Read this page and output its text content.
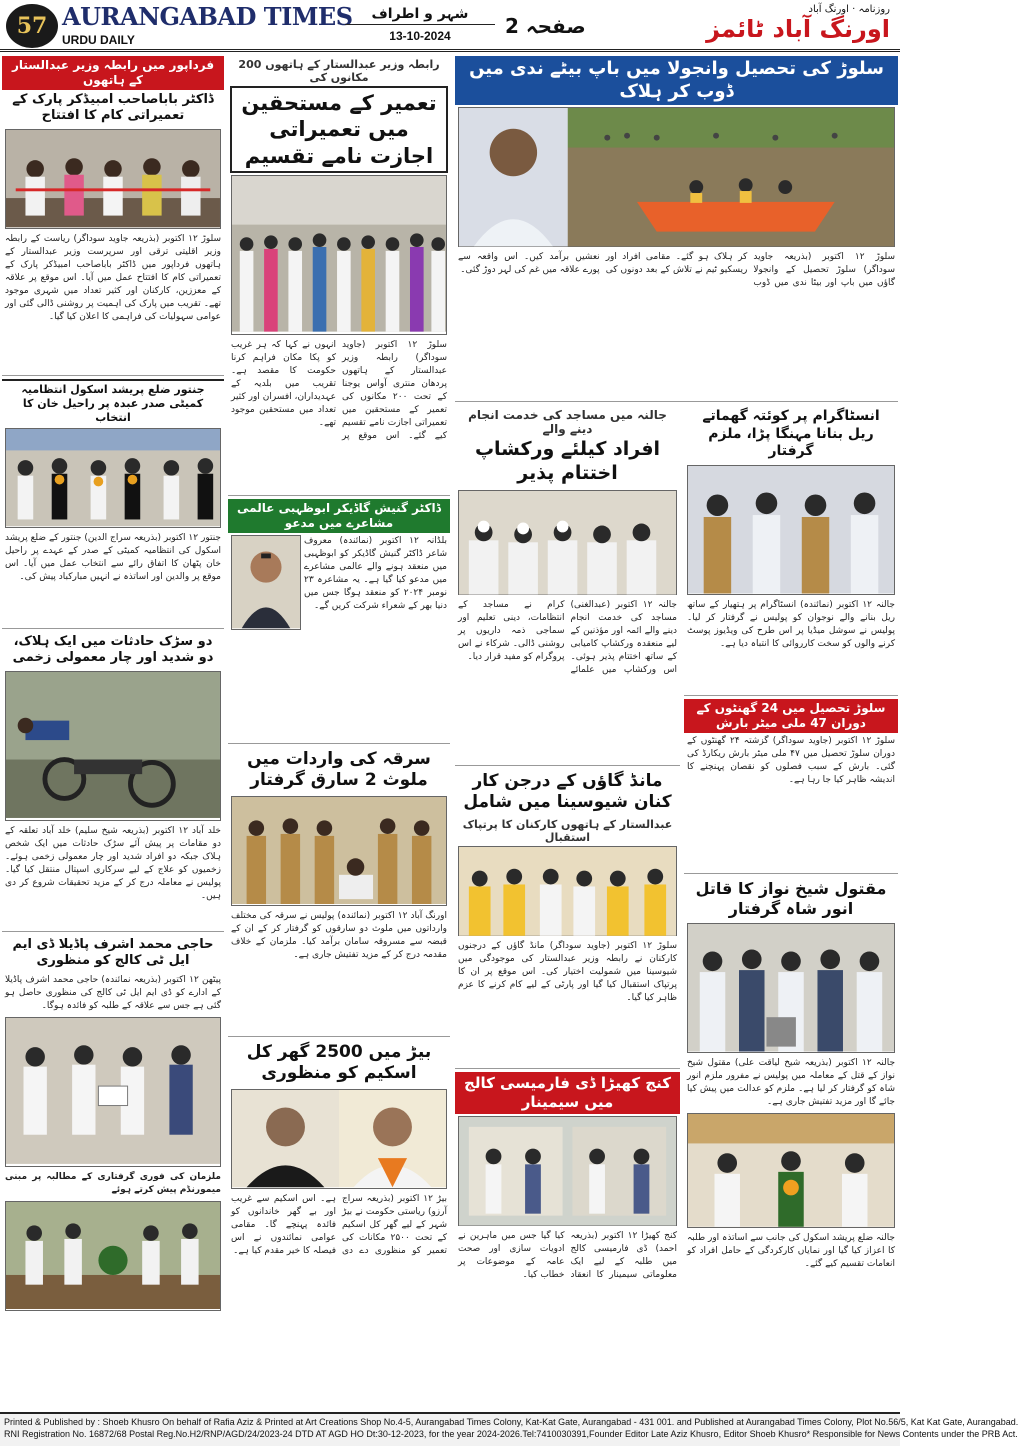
57 AURANGABAD TIMES
URDU DAILY
شہر و اطراف
13-10-2024	صفحہ 2
روزنامہ · اورنگ آباد
اورنگ آباد ٹائمز
فرداپور میں رابطہ وزیر عبدالستار کے ہاتھوں
ڈاکٹر باباصاحب امبیڈکر پارک کے تعمیراتی کام کا افتتاح
سلوڑ ۱۲ اکتوبر (بذریعہ جاوید سوداگر) ریاست کے رابطہ وزیر اقلیتی ترقی اور سرپرست وزیر عبدالستار کے ہاتھوں فرداپور میں ڈاکٹر باباصاحب امبیڈکر پارک کے تعمیراتی کام کا افتتاح عمل میں آیا۔ اس موقع پر علاقہ کے معززین، کارکنان اور کثیر تعداد میں شہری موجود تھے۔ تقریب میں پارک کی اہمیت پر روشنی ڈالی گئی اور عوامی سہولیات کی فراہمی کا اعلان کیا گیا۔
جنتور ضلع پریشد اسکول انتظامیہ کمیٹی صدر عبدہ پر راحیل خان کا انتخاب
جنتور ۱۲ اکتوبر (بذریعہ سراج الدین) جنتور کے ضلع پریشد اسکول کی انتظامیہ کمیٹی کے صدر کے عہدے پر راحیل خان پٹھان کا اتفاق رائے سے انتخاب عمل میں آیا۔ اس موقع پر والدین اور اساتذہ نے انہیں مبارکباد پیش کی۔
دو سڑک حادثات میں ایک ہلاک، دو شدید اور چار معمولی زخمی
خلد آباد ۱۲ اکتوبر (بذریعہ شیخ سلیم) خلد آباد تعلقہ کے دو مقامات پر پیش آئے سڑک حادثات میں ایک شخص ہلاک جبکہ دو افراد شدید اور چار معمولی زخمی ہوئے۔ زخمیوں کو علاج کے لیے سرکاری اسپتال منتقل کیا گیا۔ پولیس نے معاملہ درج کر کے مزید تحقیقات شروع کر دی ہیں۔
حاجی محمد اشرف پاڈیلا ڈی ایم ایل ٹی کالج کو منظوری
پیٹھن ۱۲ اکتوبر (بذریعہ نمائندہ) حاجی محمد اشرف پاڈیلا کے ادارے کو ڈی ایم ایل ٹی کالج کی منظوری حاصل ہو گئی ہے جس سے علاقہ کے طلبہ کو فائدہ ہوگا۔
ملزمان کی فوری گرفتاری کے مطالبہ پر مبنی میمورنڈم پیش کرتے ہوئے
رابطہ وزیر عبدالستار کے ہاتھوں 200 مکانوں کی
تعمیر کے مستحقین میں تعمیراتی اجازت نامے تقسیم
سلوڑ ۱۲ اکتوبر (جاوید سوداگر) رابطہ وزیر عبدالستار کے ہاتھوں پردھان منتری آواس یوجنا کے تحت ۲۰۰ مکانوں کی تعمیر کے مستحقین میں تعمیراتی اجازت نامے تقسیم کیے گئے۔ اس موقع پر انہوں نے کہا کہ ہر غریب کو پکا مکان فراہم کرنا حکومت کا مقصد ہے۔ تقریب میں بلدیہ کے عہدیداران، افسران اور کثیر تعداد میں مستحقین موجود تھے۔
ڈاکٹر گنیش گاڈیکر ابوظہبی عالمی مشاعرے میں مدعو
بلڈانہ ۱۲ اکتوبر (نمائندہ) معروف شاعر ڈاکٹر گنیش گاڈیکر کو ابوظہبی میں منعقد ہونے والے عالمی مشاعرے میں مدعو کیا گیا ہے۔ یہ مشاعرہ ۲۳ نومبر ۲۰۲۴ کو منعقد ہوگا جس میں دنیا بھر کے شعراء شرکت کریں گے۔
سرقہ کی واردات میں ملوث 2 سارق گرفتار
اورنگ آباد ۱۲ اکتوبر (نمائندہ) پولیس نے سرقہ کی مختلف وارداتوں میں ملوث دو سارقوں کو گرفتار کر کے ان کے قبضہ سے مسروقہ سامان برآمد کیا۔ ملزمان کے خلاف مقدمہ درج کر کے مزید تفتیش جاری ہے۔
بیڑ میں 2500 گھر کل اسکیم کو منظوری
بیڑ ۱۲ اکتوبر (بذریعہ سراج آرزو) ریاستی حکومت نے بیڑ شہر کے لیے گھر کل اسکیم کے تحت ۲۵۰۰ مکانات کی تعمیر کو منظوری دے دی ہے۔ اس اسکیم سے غریب اور بے گھر خاندانوں کو فائدہ پہنچے گا۔ مقامی عوامی نمائندوں نے اس فیصلہ کا خیر مقدم کیا ہے۔
جالنہ میں مساجد کی خدمت انجام دینے والے
افراد کیلئے ورکشاپ اختتام پذیر
جالنہ ۱۲ اکتوبر (عبدالغنی) مساجد کی خدمت انجام دینے والے ائمہ اور مؤذنین کے لیے منعقدہ ورکشاپ کامیابی کے ساتھ اختتام پذیر ہوئی۔ اس ورکشاپ میں علمائے کرام نے مساجد کے انتظامات، دینی تعلیم اور سماجی ذمہ داریوں پر روشنی ڈالی۔ شرکاء نے اس پروگرام کو مفید قرار دیا۔
مانڈ گاؤں کے درجن کار کنان شیوسینا میں شامل
عبدالستار کے ہاتھوں کارکنان کا پرتپاک استقبال
سلوڑ ۱۲ اکتوبر (جاوید سوداگر) مانڈ گاؤں کے درجنوں کارکنان نے رابطہ وزیر عبدالستار کی موجودگی میں شیوسینا میں شمولیت اختیار کی۔ اس موقع پر ان کا پرتپاک استقبال کیا گیا اور پارٹی کے لیے کام کرنے کا عزم ظاہر کیا گیا۔
کنج کھیڑا ڈی فارمیسی کالج میں سیمینار
کنج کھیڑا ۱۲ اکتوبر (بذریعہ احمد) ڈی فارمیسی کالج میں طلبہ کے لیے ایک معلوماتی سیمینار کا انعقاد کیا گیا جس میں ماہرین نے ادویات سازی اور صحت عامہ کے موضوعات پر خطاب کیا۔
سلوڑ کی تحصیل وانجولا میں باپ بیٹے ندی میں ڈوب کر ہلاک
سلوڑ ۱۲ اکتوبر (بذریعہ جاوید سوداگر) سلوڑ تحصیل کے وانجولا گاؤں میں باپ اور بیٹا ندی میں ڈوب کر ہلاک ہو گئے۔ مقامی افراد اور ریسکیو ٹیم نے تلاش کے بعد دونوں کی نعشیں برآمد کیں۔ اس واقعہ سے پورے علاقہ میں غم کی لہر دوڑ گئی۔
انسٹاگرام پر کوئتہ گھماتے ریل بنانا مہنگا پڑا، ملزم گرفتار
جالنہ ۱۲ اکتوبر (نمائندہ) انسٹاگرام پر ہتھیار کے ساتھ ریل بنانے والے نوجوان کو پولیس نے گرفتار کر لیا۔ پولیس نے سوشل میڈیا پر اس طرح کی ویڈیوز پوسٹ کرنے والوں کو سخت کارروائی کا انتباہ دیا ہے۔
سلوڑ تحصیل میں 24 گھنٹوں کے دوران 47 ملی میٹر بارش
سلوڑ ۱۲ اکتوبر (جاوید سوداگر) گزشتہ ۲۴ گھنٹوں کے دوران سلوڑ تحصیل میں ۴۷ ملی میٹر بارش ریکارڈ کی گئی۔ بارش کے سبب فصلوں کو نقصان پہنچنے کا اندیشہ ظاہر کیا جا رہا ہے۔
مقتول شیخ نواز کا قاتل انور شاہ گرفتار
جالنہ ۱۲ اکتوبر (بذریعہ شیخ لیاقت علی) مقتول شیخ نواز کے قتل کے معاملہ میں پولیس نے مفرور ملزم انور شاہ کو گرفتار کر لیا ہے۔ ملزم کو عدالت میں پیش کیا جائے گا اور مزید تفتیش جاری ہے۔
جالنہ ضلع پریشد اسکول کی جانب سے اساتذہ اور طلبہ کا اعزاز کیا گیا اور نمایاں کارکردگی کے حامل افراد کو انعامات تقسیم کیے گئے۔
Printed & Published by : Shoeb Khusro On behalf of Rafia Aziz & Printed at Art Creations Shop No.4-5, Aurangabad Times Colony, Kat-Kat Gate, Aurangabad - 431 001. and Published at Aurangabad Times Colony, Plot No.56/5, Kat Kat Gate, Aurangabad.
RNI Registration No. 16872/68 Postal Reg.No.H2/RNP/AGD/24/2023-24 DTD AT AGD HO Dt:30-12-2023, for the year 2024-2026.Tel:7410030391,Founder Editor Late Aziz Khusro, Editor Shoeb Khusro* Responsible for News Contents under the PRB Act.
